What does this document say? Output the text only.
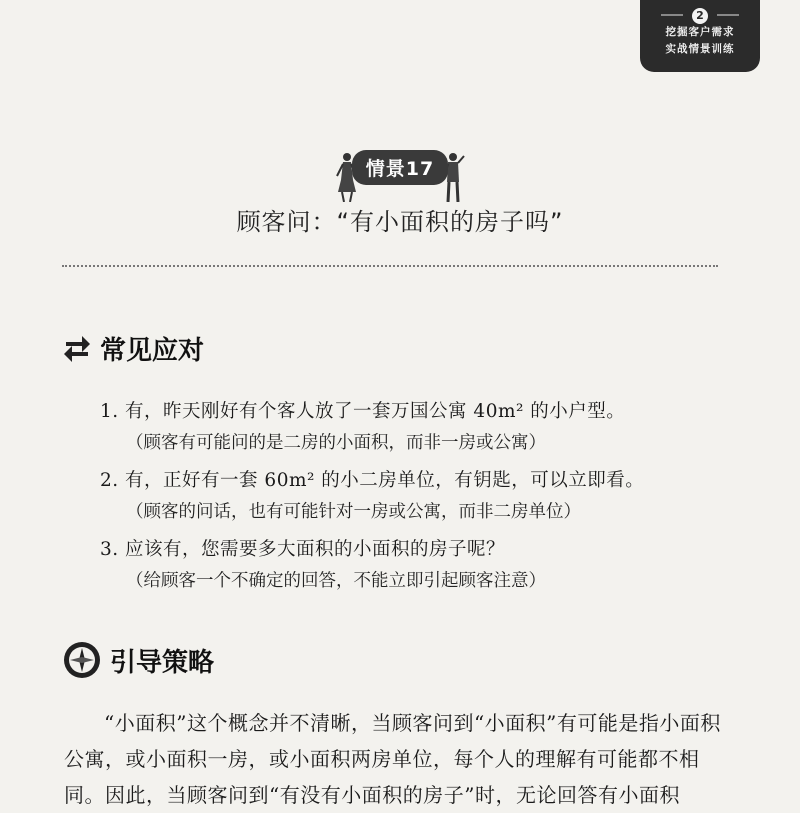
2
挖掘客户需求
实战情景训练
情景17
顾客问：“有小面积的房子吗”
常见应对
1. 有，昨天刚好有个客人放了一套万国公寓 40m² 的小户型。
（顾客有可能问的是二房的小面积，而非一房或公寓）
2. 有，正好有一套 60m² 的小二房单位，有钥匙，可以立即看。
（顾客的问话，也有可能针对一房或公寓，而非二房单位）
3. 应该有，您需要多大面积的小面积的房子呢？
（给顾客一个不确定的回答，不能立即引起顾客注意）
引导策略

“小面积”这个概念并不清晰，当顾客问到“小面积”有可能是指小面积公寓，或小面积一房，或小面积两房单位，每个人的理解有可能都不相同。因此，当顾客问到“有没有小面积的房子”时，无论回答有小面积
